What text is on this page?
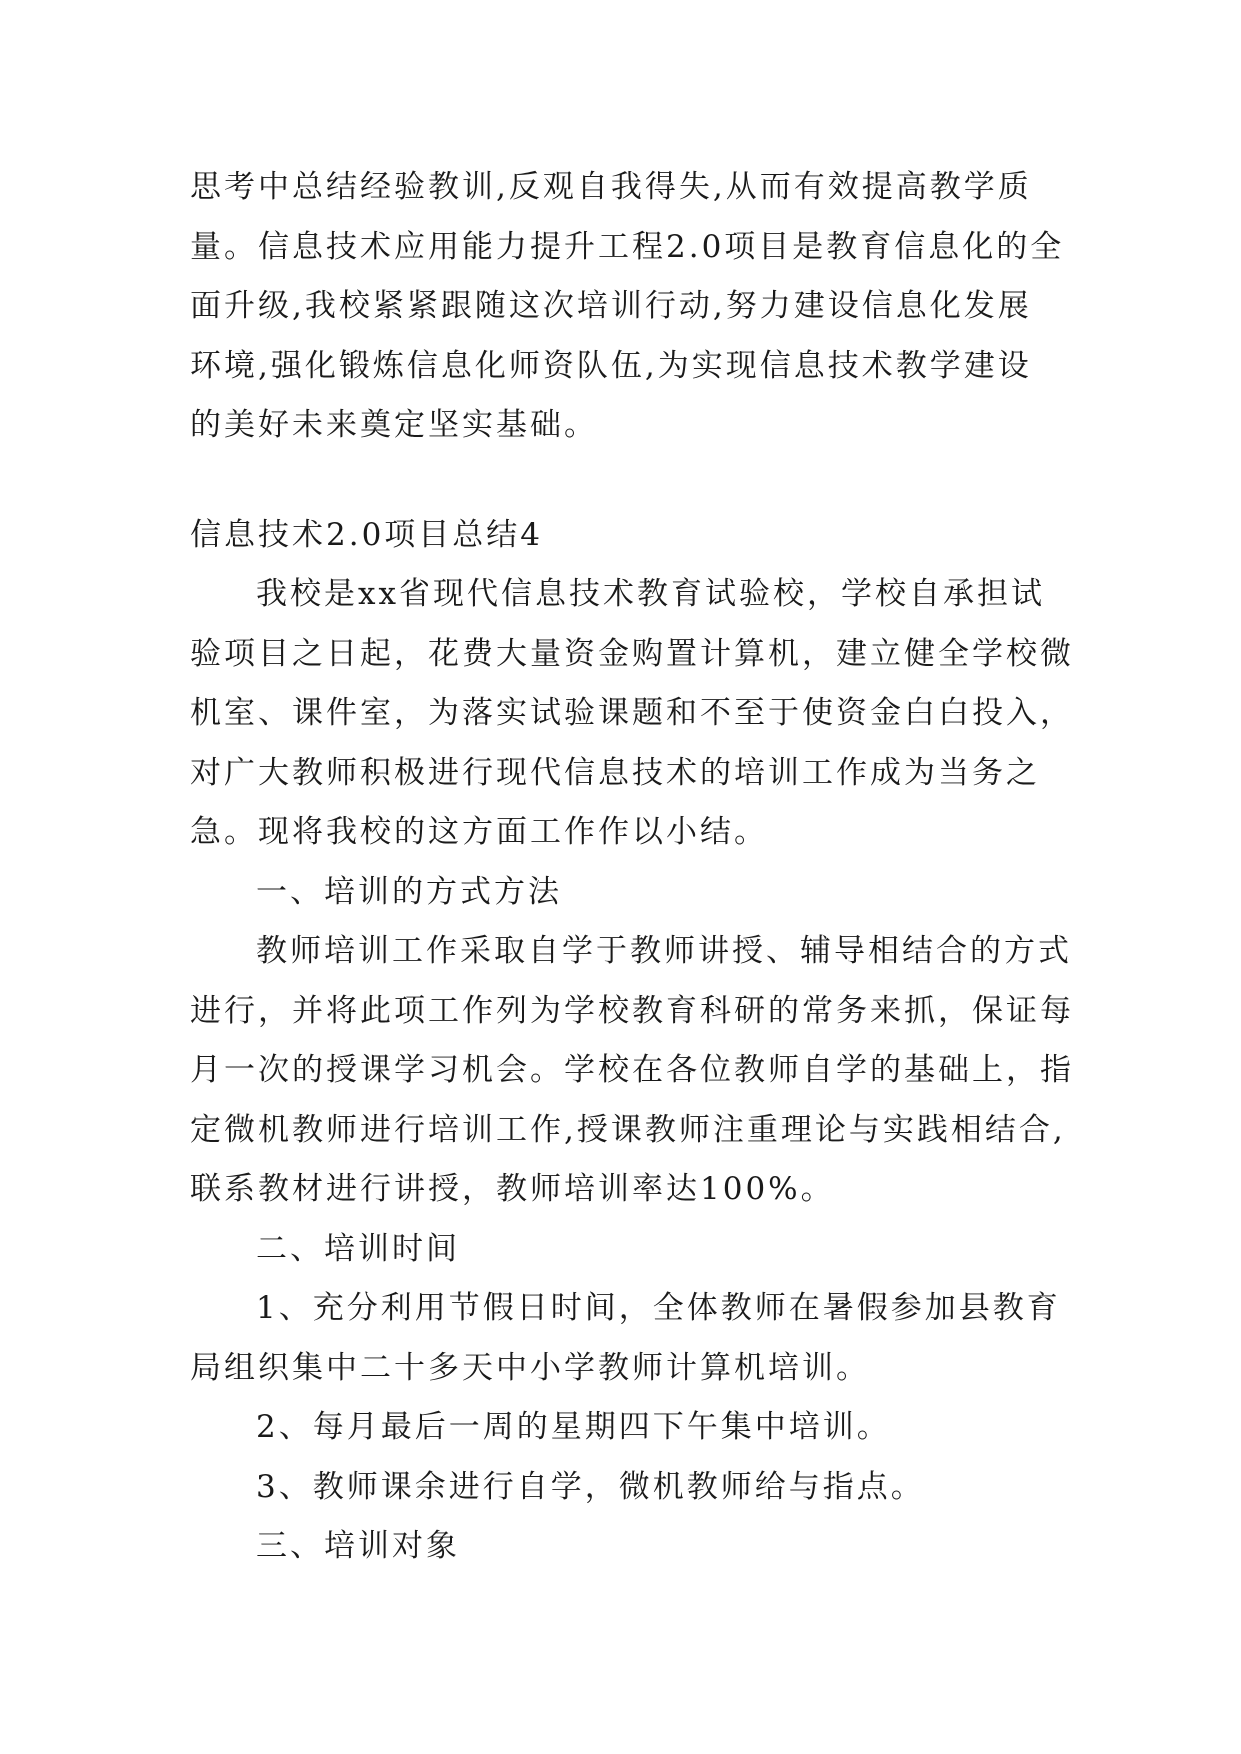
思考中总结经验教训,反观自我得失,从而有效提高教学质
量。信息技术应用能力提升工程2.0项目是教育信息化的全
面升级,我校紧紧跟随这次培训行动,努力建设信息化发展
环境,强化锻炼信息化师资队伍,为实现信息技术教学建设
的美好未来奠定坚实基础。
信息技术2.0项目总结4
我校是xx省现代信息技术教育试验校，学校自承担试
验项目之日起，花费大量资金购置计算机，建立健全学校微
机室、课件室，为落实试验课题和不至于使资金白白投入，
对广大教师积极进行现代信息技术的培训工作成为当务之
急。现将我校的这方面工作作以小结。
一、培训的方式方法
教师培训工作采取自学于教师讲授、辅导相结合的方式
进行，并将此项工作列为学校教育科研的常务来抓，保证每
月一次的授课学习机会。学校在各位教师自学的基础上，指
定微机教师进行培训工作,授课教师注重理论与实践相结合,
联系教材进行讲授，教师培训率达100%。
二、培训时间
1、充分利用节假日时间，全体教师在暑假参加县教育
局组织集中二十多天中小学教师计算机培训。
2、每月最后一周的星期四下午集中培训。
3、教师课余进行自学，微机教师给与指点。
三、培训对象
